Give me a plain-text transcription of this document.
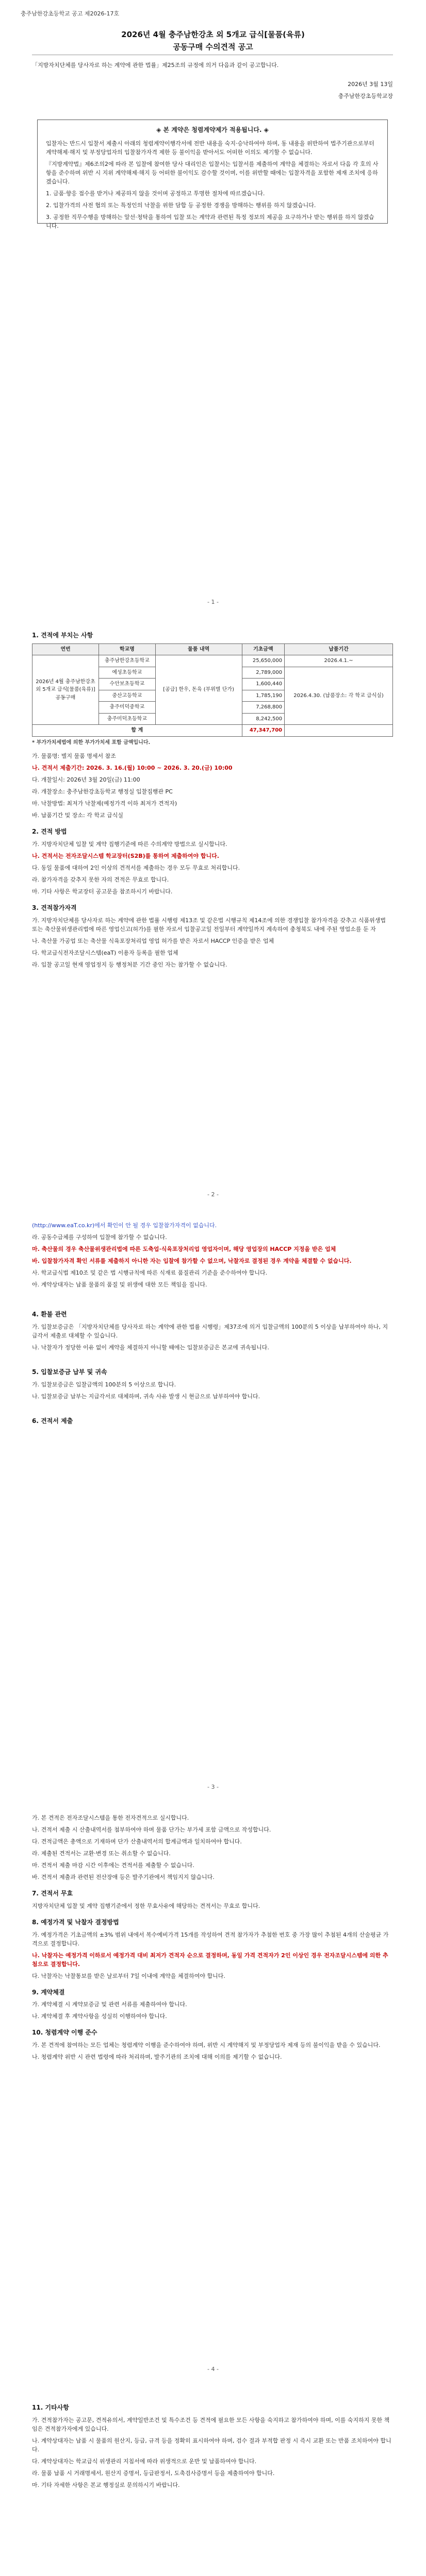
충주남한강초등학교 공고 제2026-17호
2026년 4월 충주남한강초 외 5개교 급식[물품(육류)
공동구매 수의견적 공고

「지방자치단체를 당사자로 하는 계약에 관한 법률」제25조의 규정에 의거 다음과 같이 공고합니다.

2026년 3월 13일

충주남한강초등학교장

◈ 본 계약은 청렴계약제가 적용됩니다. ◈

입찰자는 반드시 입찰서 제출시 아래의 청렴계약이행각서에 전반 내용을 숙지·승낙하여야 하며, 동 내용을 위반하여 법주기관으로부터 계약해제·해지 및 부정당업자의 입찰참가자격 제한 등 불이익을 받아서도 어떠한 이의도 제기할 수 없습니다.

『지방계약법』제6조의2에 따라 본 입찰에 참여한 당사 대리인은 입찰서는 입찰서를 제출하여 계약을 체결하는 자로서 다음 각 호의 사항을 준수하며 위반 시 지위 계약해제·해지 등 어떠한 불이익도 감수할 것이며, 이를 위반할 때에는 입찰자격을 포함한 제재 조치에 응하겠습니다.

1. 금품·향응 접수를 받거나 제공하지 않을 것이며 공정하고 투명한 절차에 따르겠습니다.

2. 입찰가격의 사전 협의 또는 특정인의 낙찰을 위한 담합 등 공정한 경쟁을 방해하는 행위를 하지 않겠습니다.

3. 공정한 직무수행을 방해하는 알선·청탁을 통하여 입찰 또는 계약과 관련된 특정 정보의 제공을 요구하거나 받는 행위를 하지 않겠습니다.

- 1 -
1. 견적에 부치는 사항
연번	학교명	물품 내역	기초금액	납품기간
2026년 4월 충주남한강초 외 5개교 급식[물품(육류)] 공동구매	충주남한강초등학교	[공급] 한우, 돈육 (부위별 단가)	25,650,000	2026.4.1.~
	예성초등학교		2,789,000	2026.4.30. (납품장소: 각 학교 급식실)
	수안보초등학교		1,600,440	
	중산고등학교		1,785,190	
	충주미덕중학교		7,268,800	
	충주미덕초등학교		8,242,500	
합 계			47,347,700	

* 부가가치세법에 의한 부가가치세 포함 금액입니다.

가. 물품명: 별지 물품 명세서 참조

나. 견적서 제출기간: 2026. 3. 16.(월) 10:00 ~ 2026. 3. 20.(금) 10:00

다. 개찰일시: 2026년 3월 20일(금) 11:00

라. 개찰장소: 충주남한강초등학교 행정실 입찰집행관 PC

마. 낙찰방법: 최저가 낙찰제(예정가격 이하 최저가 견적자)

바. 납품기간 및 장소: 각 학교 급식실

2. 견적 방법

가. 지방자치단체 입찰 및 계약 집행기준에 따른 수의계약 방법으로 실시합니다.

나. 견적서는 전자조달시스템 학교장터(S2B)를 통하여 제출하여야 합니다.

다. 동일 물품에 대하여 2인 이상의 견적서를 제출하는 경우 모두 무효로 처리합니다.

라. 참가자격을 갖추지 못한 자의 견적은 무효로 합니다.

마. 기타 사항은 학교장터 공고문을 참조하시기 바랍니다.

3. 견적참가자격

가. 지방자치단체를 당사자로 하는 계약에 관한 법률 시행령 제13조 및 같은법 시행규칙 제14조에 의한 경쟁입찰 참가자격을 갖추고 식품위생법 또는 축산물위생관리법에 따른 영업신고(허가)를 필한 자로서 입찰공고일 전일부터 계약일까지 계속하여 충청북도 내에 주된 영업소를 둔 자

나. 축산물 가공업 또는 축산물 식육포장처리업 영업 허가를 받은 자로서 HACCP 인증을 받은 업체

다. 학교급식전자조달시스템(eaT) 이용자 등록을 필한 업체

라. 입찰 공고일 현재 영업정지 등 행정처분 기간 중인 자는 참가할 수 없습니다.

- 2 -

(http://www.eaT.co.kr)에서 확인이 안 될 경우 입찰참가자격이 없습니다.

라. 공동수급체를 구성하여 입찰에 참가할 수 없습니다.

마. 축산물의 경우 축산물위생관리법에 따른 도축업·식육포장처리업 영업자이며, 해당 영업장의 HACCP 지정을 받은 업체

바. 입찰참가자격 확인 서류를 제출하지 아니한 자는 입찰에 참가할 수 없으며, 낙찰자로 결정된 경우 계약을 체결할 수 없습니다.

사. 학교급식법 제10조 및 같은 법 시행규칙에 따른 식재료 품질관리 기준을 준수하여야 합니다.

아. 계약상대자는 납품 물품의 품질 및 위생에 대한 모든 책임을 집니다.

4. 환불 관련

가. 입찰보증금은 「지방자치단체를 당사자로 하는 계약에 관한 법률 시행령」제37조에 의거 입찰금액의 100분의 5 이상을 납부하여야 하나, 지급각서 제출로 대체할 수 있습니다.

나. 낙찰자가 정당한 이유 없이 계약을 체결하지 아니할 때에는 입찰보증금은 본교에 귀속됩니다.

5. 입찰보증금 납부 및 귀속

가. 입찰보증금은 입찰금액의 100분의 5 이상으로 합니다.

나. 입찰보증금 납부는 지급각서로 대체하며, 귀속 사유 발생 시 현금으로 납부하여야 합니다.

6. 견적서 제출
- 3 -

가. 본 견적은 전자조달시스템을 통한 전자견적으로 실시합니다.

나. 견적서 제출 시 산출내역서를 첨부하여야 하며 물품 단가는 부가세 포함 금액으로 작성합니다.

다. 견적금액은 총액으로 기재하며 단가 산출내역서의 합계금액과 일치하여야 합니다.

라. 제출된 견적서는 교환·변경 또는 취소할 수 없습니다.

마. 견적서 제출 마감 시간 이후에는 견적서를 제출할 수 없습니다.

바. 견적서 제출과 관련된 전산장애 등은 발주기관에서 책임지지 않습니다.

7. 견적서 무효

지방자치단체 입찰 및 계약 집행기준에서 정한 무효사유에 해당하는 견적서는 무효로 합니다.

8. 예정가격 및 낙찰자 결정방법

가. 예정가격은 기초금액의 ±3% 범위 내에서 복수예비가격 15개를 작성하여 견적 참가자가 추첨한 번호 중 가장 많이 추첨된 4개의 산술평균 가격으로 결정합니다.

나. 낙찰자는 예정가격 이하로서 예정가격 대비 최저가 견적자 순으로 결정하며, 동일 가격 견적자가 2인 이상인 경우 전자조달시스템에 의한 추첨으로 결정합니다.

다. 낙찰자는 낙찰통보를 받은 날로부터 7일 이내에 계약을 체결하여야 합니다.

9. 계약체결

가. 계약체결 시 계약보증금 및 관련 서류를 제출하여야 합니다.

나. 계약체결 후 계약사항을 성실히 이행하여야 합니다.

10. 청렴계약 이행 준수

가. 본 견적에 참여하는 모든 업체는 청렴계약 이행을 준수하여야 하며, 위반 시 계약해지 및 부정당업자 제재 등의 불이익을 받을 수 있습니다.

나. 청렴계약 위반 시 관련 법령에 따라 처리하며, 발주기관의 조치에 대해 이의를 제기할 수 없습니다.

- 4 -
11. 기타사항

가. 견적참가자는 공고문, 견적유의서, 계약일반조건 및 특수조건 등 견적에 필요한 모든 사항을 숙지하고 참가하여야 하며, 이를 숙지하지 못한 책임은 견적참가자에게 있습니다.

나. 계약상대자는 납품 시 물품의 원산지, 등급, 규격 등을 정확히 표시하여야 하며, 검수 결과 부적합 판정 시 즉시 교환 또는 반품 조치하여야 합니다.

다. 계약상대자는 학교급식 위생관리 지침서에 따라 위생적으로 운반 및 납품하여야 합니다.

라. 물품 납품 시 거래명세서, 원산지 증명서, 등급판정서, 도축검사증명서 등을 제출하여야 합니다.

마. 기타 자세한 사항은 본교 행정실로 문의하시기 바랍니다.
